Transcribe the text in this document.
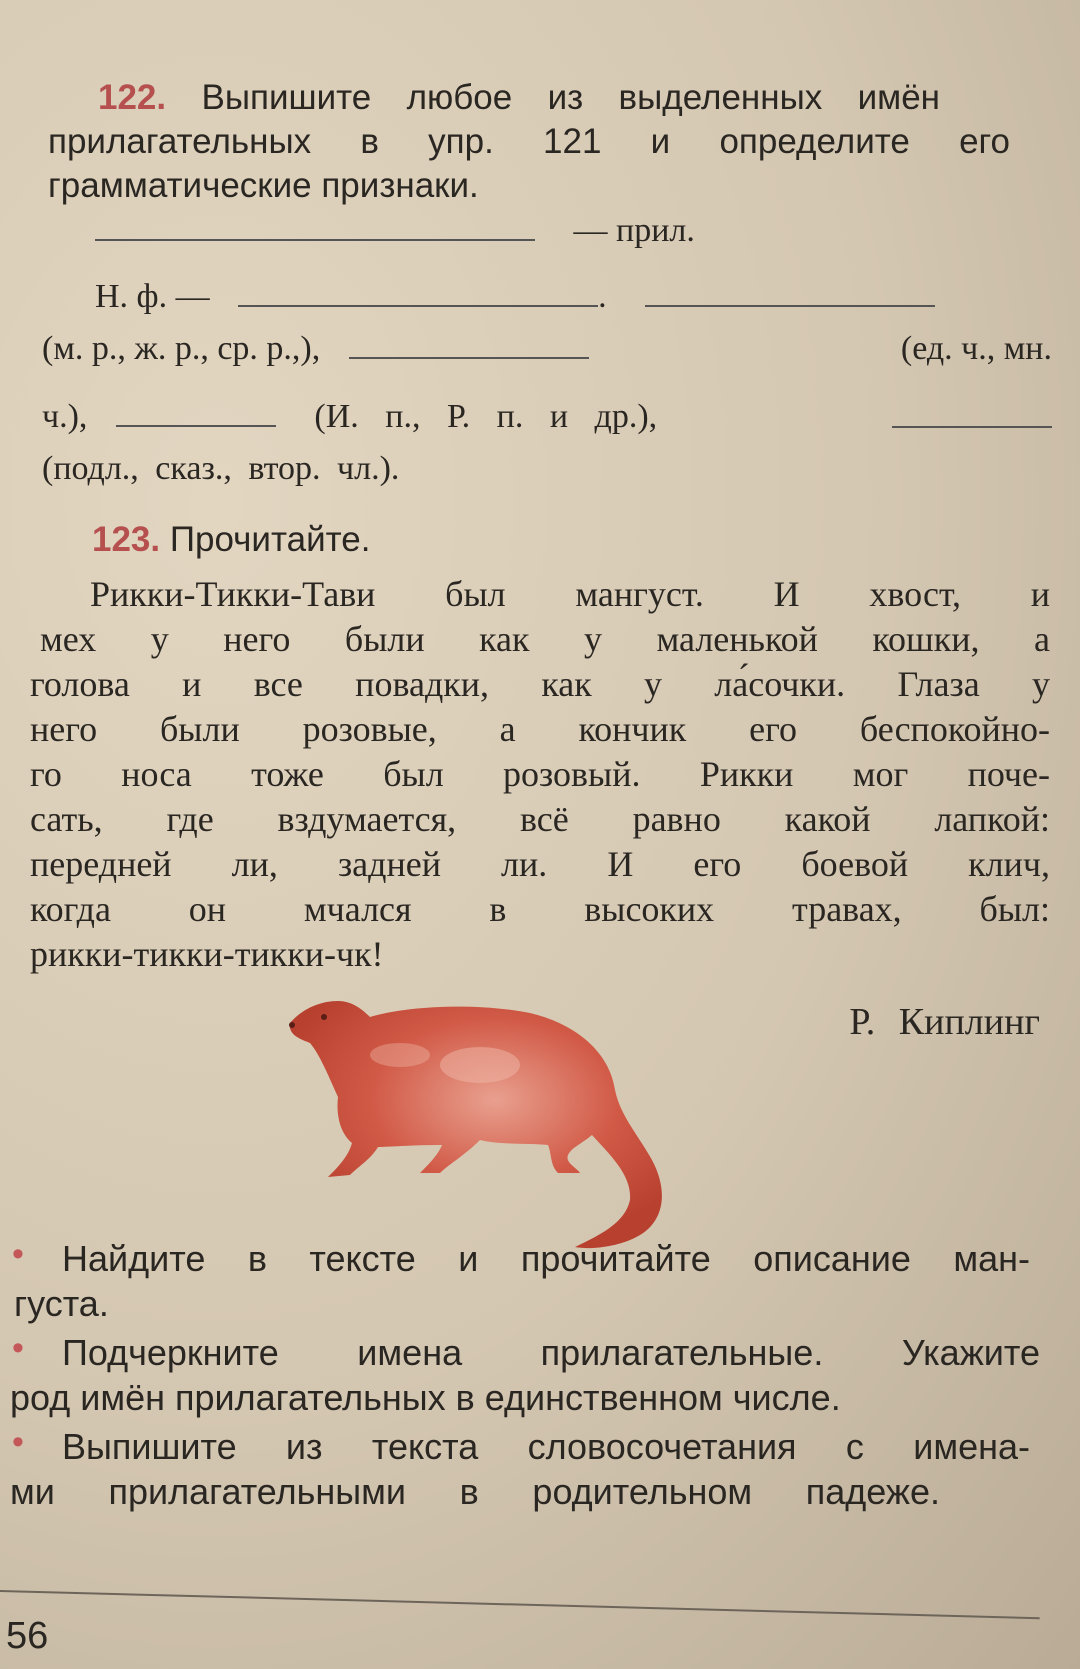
122. Выпишите любое из выделенных имён
прилагательных в упр. 121 и определите его
грамматические признаки.
— прил.
Н. ф. —	.
(м. р., ж. р., ср. р.,),	(ед. ч., мн.
ч.),	(И. п., Р. п. и др.),
(подл., сказ., втор. чл.).
123. Прочитайте.
Рикки-Тикки-Тави был мангуст. И хвост, и
мех у него были как у маленькой кошки, а
голова и все повадки, как у ла́сочки. Глаза у
него были розовые, а кончик его беспокойно-
го носа тоже был розовый. Рикки мог поче-
сать, где вздумается, всё равно какой лапкой:
передней ли, задней ли. И его боевой клич,
когда он мчался в высоких травах, был:
рикки-тикки-тикки-чк!
Р. Киплинг
•	Найдите в тексте и прочитайте описание ман-
густа.
•	Подчеркните имена прилагательные. Укажите
род имён прилагательных в единственном числе.
•	Выпишите из текста словосочетания с имена-
ми прилагательными в родительном падеже.
56
